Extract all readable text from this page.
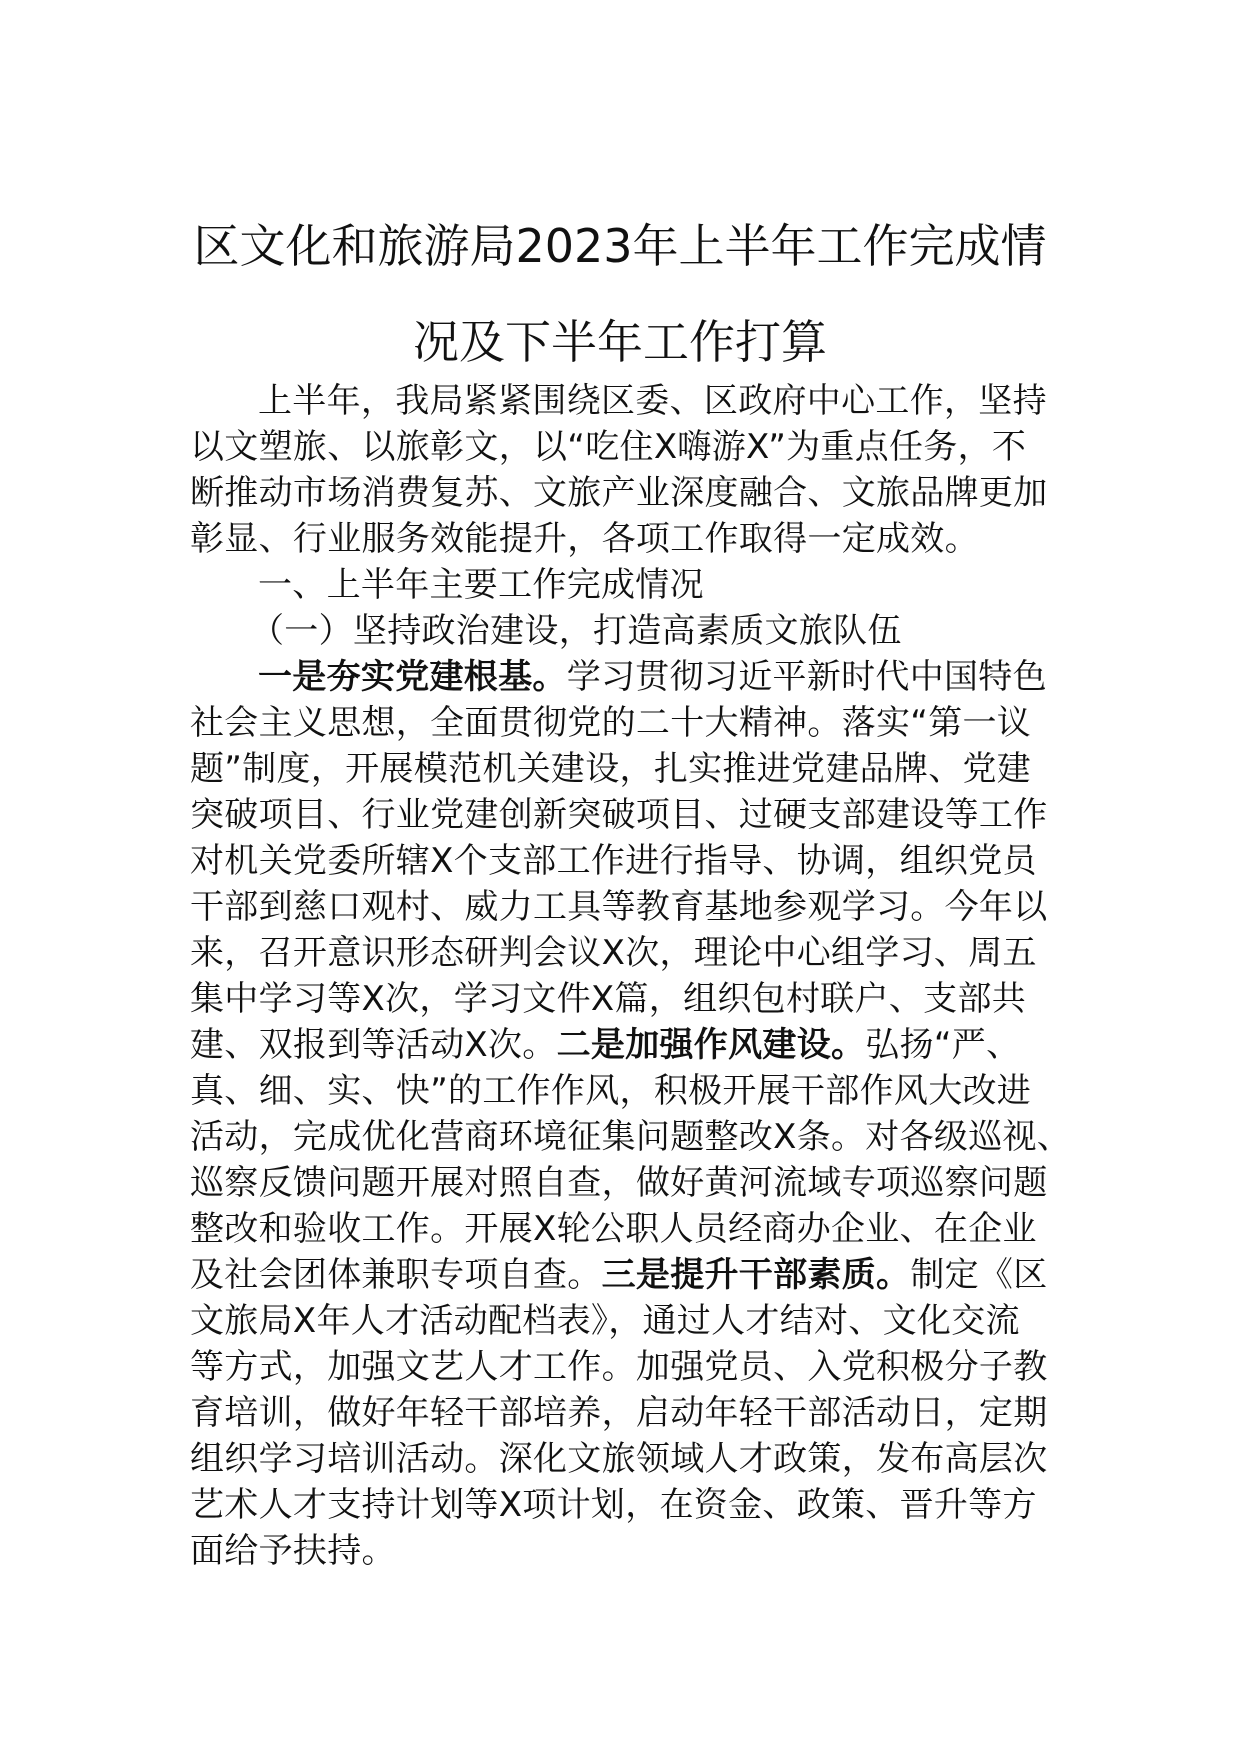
区文化和旅游局2023年上半年工作完成情
况及下半年工作打算
上半年，我局紧紧围绕区委、区政府中心工作，坚持
以文塑旅、以旅彰文，以“吃住X嗨游X”为重点任务，不
断推动市场消费复苏、文旅产业深度融合、文旅品牌更加
彰显、行业服务效能提升，各项工作取得一定成效。
一、上半年主要工作完成情况
（一）坚持政治建设，打造高素质文旅队伍
一是夯实党建根基。学习贯彻习近平新时代中国特色
社会主义思想，全面贯彻党的二十大精神。落实“第一议
题”制度，开展模范机关建设，扎实推进党建品牌、党建
突破项目、行业党建创新突破项目、过硬支部建设等工作
对机关党委所辖X个支部工作进行指导、协调，组织党员
干部到慈口观村、威力工具等教育基地参观学习。今年以
来，召开意识形态研判会议X次，理论中心组学习、周五
集中学习等X次，学习文件X篇，组织包村联户、支部共
建、双报到等活动X次。二是加强作风建设。弘扬“严、
真、细、实、快”的工作作风，积极开展干部作风大改进
活动，完成优化营商环境征集问题整改X条。对各级巡视、
巡察反馈问题开展对照自查，做好黄河流域专项巡察问题
整改和验收工作。开展X轮公职人员经商办企业、在企业
及社会团体兼职专项自查。三是提升干部素质。制定《区
文旅局X年人才活动配档表》，通过人才结对、文化交流
等方式，加强文艺人才工作。加强党员、入党积极分子教
育培训，做好年轻干部培养，启动年轻干部活动日，定期
组织学习培训活动。深化文旅领域人才政策，发布高层次
艺术人才支持计划等X项计划，在资金、政策、晋升等方
面给予扶持。
